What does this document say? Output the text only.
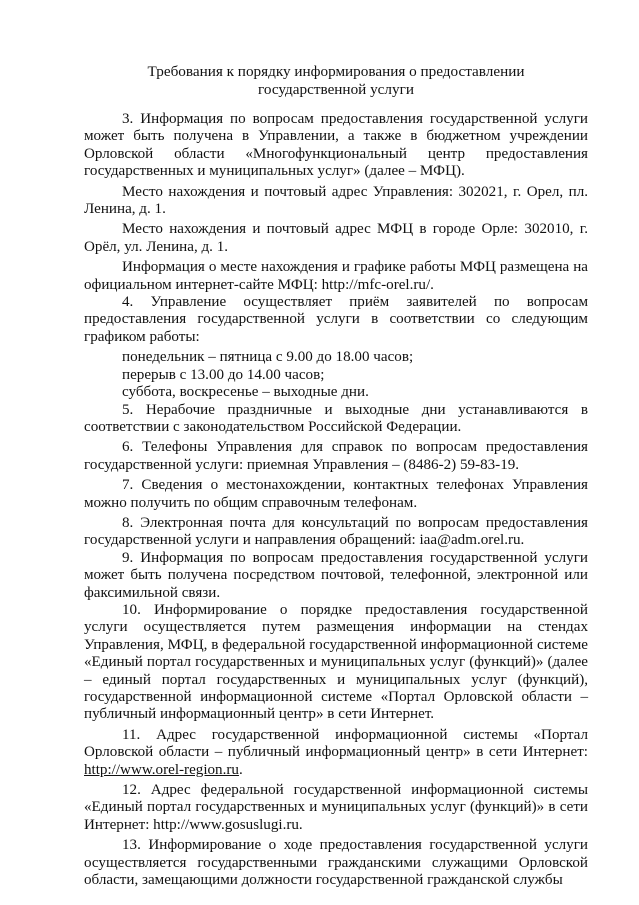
Требования к порядку информирования о предоставлении
государственной услуги

3. Информация по вопросам предоставления государственной услуги может быть получена в Управлении, а также в бюджетном учреждении Орловской области «Многофункциональный центр предоставления государственных и муниципальных услуг» (далее – МФЦ).

Место нахождения и почтовый адрес Управления: 302021, г. Орел, пл. Ленина, д. 1.

Место нахождения и почтовый адрес МФЦ в городе Орле: 302010, г. Орёл, ул. Ленина, д. 1.

Информация о месте нахождения и графике работы МФЦ размещена на официальном интернет-сайте МФЦ: http://mfc-orel.ru/.

4. Управление осуществляет приём заявителей по вопросам предоставления государственной услуги в соответствии со следующим графиком работы:

понедельник – пятница с 9.00 до 18.00 часов;

перерыв с 13.00 до 14.00 часов;

суббота, воскресенье – выходные дни.

5. Нерабочие праздничные и выходные дни устанавливаются в соответствии с законодательством Российской Федерации.

6. Телефоны Управления для справок по вопросам предоставления государственной услуги: приемная Управления – (8486-2) 59-83-19.

7. Сведения о местонахождении, контактных телефонах Управления можно получить по общим справочным телефонам.

8. Электронная почта для консультаций по вопросам предоставления государственной услуги и направления обращений: iaa@adm.orel.ru.

9. Информация по вопросам предоставления государственной услуги может быть получена посредством почтовой, телефонной, электронной или факсимильной связи.

10. Информирование о порядке предоставления государственной услуги осуществляется путем размещения информации на стендах Управления, МФЦ, в федеральной государственной информационной системе «Единый портал государственных и муниципальных услуг (функций)» (далее – единый портал государственных и муниципальных услуг (функций), государственной информационной системе «Портал Орловской области – публичный информационный центр» в сети Интернет.

11. Адрес государственной информационной системы «Портал Орловской области – публичный информационный центр» в сети Интернет: http://www.orel-region.ru.

12. Адрес федеральной государственной информационной системы «Единый портал государственных и муниципальных услуг (функций)» в сети Интернет: http://www.gosuslugi.ru.

13. Информирование о ходе предоставления государственной услуги осуществляется государственными гражданскими служащими Орловской области, замещающими должности государственной гражданской службы
